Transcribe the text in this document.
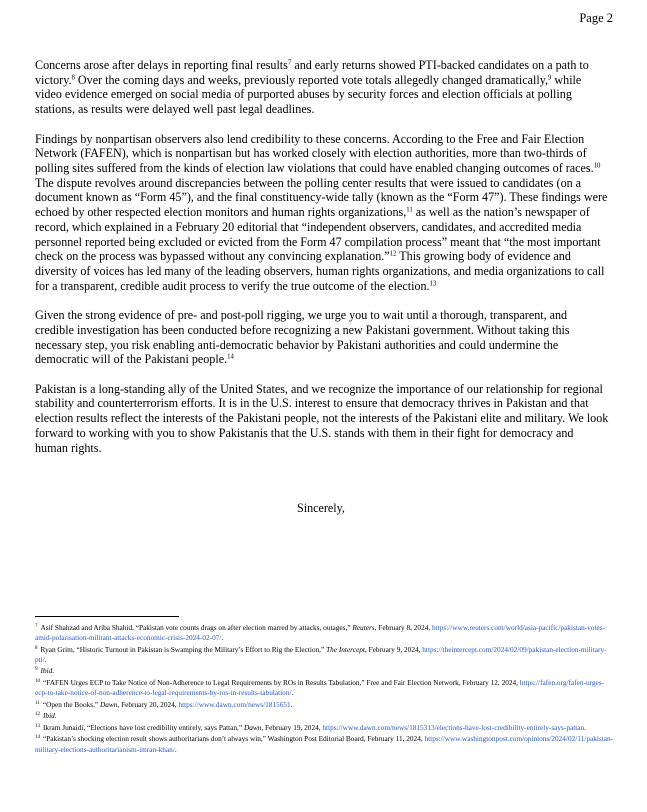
Page 2

Concerns arose after delays in reporting final results$^7$ and early returns showed PTI-backed candidates on a path to victory.$^8$ Over the coming days and weeks, previously reported vote totals allegedly changed dramatically,$^9$ while video evidence emerged on social media of purported abuses by security forces and election officials at polling stations, as results were delayed well past legal deadlines.

Findings by nonpartisan observers also lend credibility to these concerns. According to the Free and Fair Election Network (FAFEN), which is nonpartisan but has worked closely with election authorities, more than two-thirds of polling sites suffered from the kinds of election law violations that could have enabled changing outcomes of races.$^{10}$ The dispute revolves around discrepancies between the polling center results that were issued to candidates (on a document known as “Form 45”), and the final constituency-wide tally (known as the “Form 47”). These findings were echoed by other respected election monitors and human rights organizations,$^{11}$ as well as the nation’s newspaper of record, which explained in a February 20 editorial that “independent observers, candidates, and accredited media personnel reported being excluded or evicted from the Form 47 compilation process” meant that “the most important check on the process was bypassed without any convincing explanation.”$^{12}$ This growing body of evidence and diversity of voices has led many of the leading observers, human rights organizations, and media organizations to call for a transparent, credible audit process to verify the true outcome of the election.$^{13}$

Given the strong evidence of pre- and post-poll rigging, we urge you to wait until a thorough, transparent, and credible investigation has been conducted before recognizing a new Pakistani government. Without taking this necessary step, you risk enabling anti-democratic behavior by Pakistani authorities and could undermine the democratic will of the Pakistani people.$^{14}$

Pakistan is a long-standing ally of the United States, and we recognize the importance of our relationship for regional stability and counterterrorism efforts. It is in the U.S. interest to ensure that democracy thrives in Pakistan and that election results reflect the interests of the Pakistani people, not the interests of the Pakistani elite and military. We look forward to working with you to show Pakistanis that the U.S. stands with them in their fight for democracy and human rights.

Sincerely,
$^7$ Asif Shahzad and Ariba Shahid, “Pakistan vote counts drags on after election marred by attacks, outages,” Reuters, February 8, 2024, https://www.reuters.com/world/asia-pacific/pakistan-votes-amid-polarisation-militant-attacks-economic-crisis-2024-02-07/.
$^8$ Ryan Grim, “Historic Turnout in Pakistan is Swamping the Military’s Effort to Rig the Election,” The Intercept, February 9, 2024, https://theintercept.com/2024/02/09/pakistan-election-military-pti/.
$^9$ Ibid.
$^{10}$ “FAFEN Urges ECP to Take Notice of Non-Adherence to Legal Requirements by ROs in Results Tabulation,” Free and Fair Election Network, February 12, 2024, https://fafen.org/fafen-urges-ecp-to-take-notice-of-non-adherence-to-legal-requirements-by-ros-in-results-tabulation/.
$^{11}$ “Open the Books,” Dawn, February 20, 2024, https://www.dawn.com/news/1815651.
$^{12}$ Ibid.
$^{13}$ Ikram Junaidi, “Elections have lost credibility entirely, says Pattan,” Dawn, February 19, 2024, https://www.dawn.com/news/1815313/elections-have-lost-credibility-entirely-says-pattan.
$^{14}$ “Pakistan’s shocking election result shows authoritarians don’t always win,” Washington Post Editorial Board, February 11, 2024, https://www.washingtonpost.com/opinions/2024/02/11/pakistan-military-elections-authoritarianism-imran-khan/.
